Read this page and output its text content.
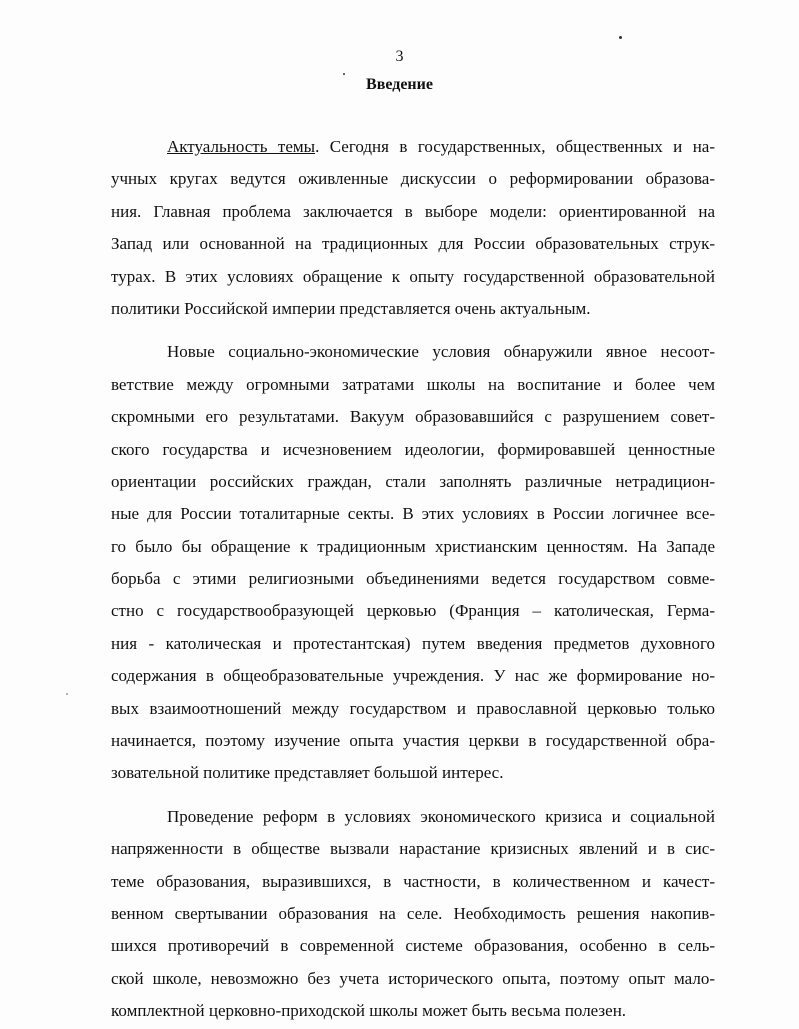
3
Введение
Актуальность темы. Сегодня в государственных, общественных и на-
учных кругах ведутся оживленные дискуссии о реформировании образова-
ния. Главная проблема заключается в выборе модели: ориентированной на
Запад или основанной на традиционных для России образовательных струк-
турах. В этих условиях обращение к опыту государственной образовательной
политики Российской империи представляется очень актуальным.
Новые социально-экономические условия обнаружили явное несоот-
ветствие между огромными затратами школы на воспитание и более чем
скромными его результатами. Вакуум образовавшийся с разрушением совет-
ского государства и исчезновением идеологии, формировавшей ценностные
ориентации российских граждан, стали заполнять различные нетрадицион-
ные для России тоталитарные секты. В этих условиях в России логичнее все-
го было бы обращение к традиционным христианским ценностям. На Западе
борьба с этими религиозными объединениями ведется государством совме-
стно с государствообразующей церковью (Франция – католическая, Герма-
ния - католическая и протестантская) путем введения предметов духовного
содержания в общеобразовательные учреждения. У нас же формирование но-
вых взаимоотношений между государством и православной церковью только
начинается, поэтому изучение опыта участия церкви в государственной обра-
зовательной политике представляет большой интерес.
Проведение реформ в условиях экономического кризиса и социальной
напряженности в обществе вызвали нарастание кризисных явлений и в сис-
теме образования, выразившихся, в частности, в количественном и качест-
венном свертывании образования на селе. Необходимость решения накопив-
шихся противоречий в современной системе образования, особенно в сель-
ской школе, невозможно без учета исторического опыта, поэтому опыт мало-
комплектной церковно-приходской школы может быть весьма полезен.
